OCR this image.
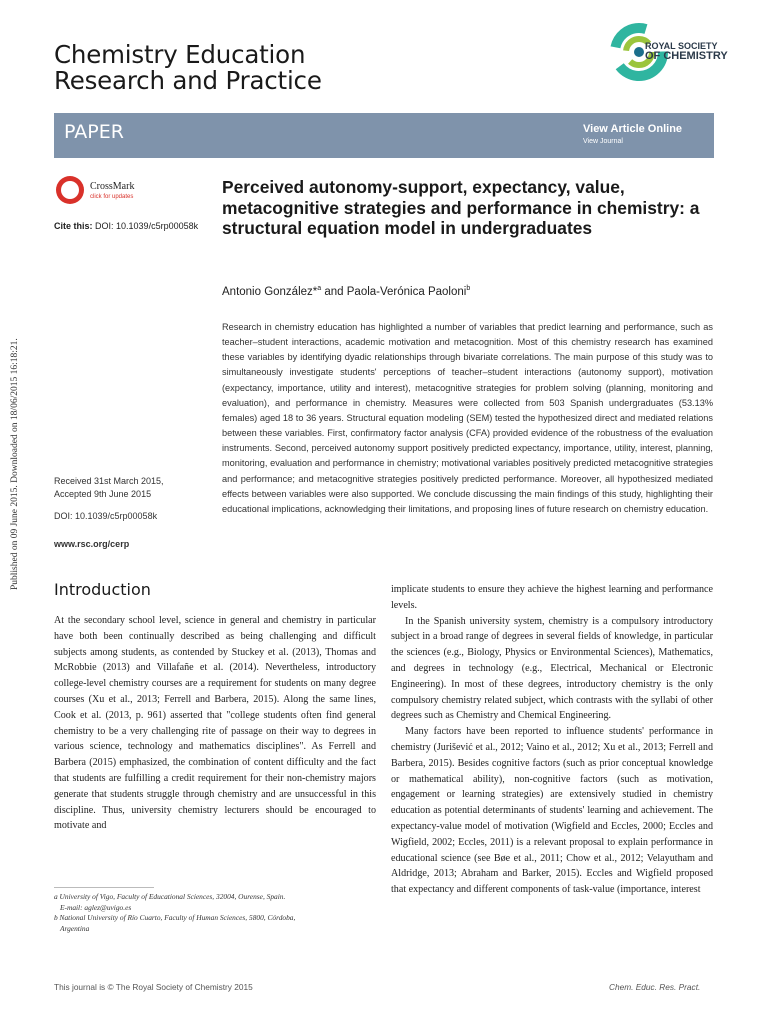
Chemistry Education
Research and Practice
ROYAL SOCIETY
OF CHEMISTRY
PAPER	View Article Online
View Journal
CrossMark
click for updates
Cite this: DOI: 10.1039/c5rp00058k
Perceived autonomy-support, expectancy, value, metacognitive strategies and performance in chemistry: a structural equation model in undergraduates
Antonio González*$^a$ and Paola-Verónica Paoloni$^b$
Research in chemistry education has highlighted a number of variables that predict learning and performance, such as teacher–student interactions, academic motivation and metacognition. Most of this chemistry research has examined these variables by identifying dyadic relationships through bivariate correlations. The main purpose of this study was to simultaneously investigate students' perceptions of teacher–student interactions (autonomy support), motivation (expectancy, importance, utility and interest), metacognitive strategies for problem solving (planning, monitoring and evaluation), and performance in chemistry. Measures were collected from 503 Spanish undergraduates (53.13% females) aged 18 to 36 years. Structural equation modeling (SEM) tested the hypothesized direct and mediated relations between these variables. First, confirmatory factor analysis (CFA) provided evidence of the robustness of the evaluation instruments. Second, perceived autonomy support positively predicted expectancy, importance, utility, interest, planning, monitoring, evaluation and performance in chemistry; motivational variables positively predicted metacognitive strategies and performance; and metacognitive strategies positively predicted performance. Moreover, all hypothesized mediated effects between variables were also supported. We conclude discussing the main findings of this study, highlighting their educational implications, acknowledging their limitations, and proposing lines of future research on chemistry education.
Received 31st March 2015,
Accepted 9th June 2015
DOI: 10.1039/c5rp00058k
www.rsc.org/cerp
Published on 09 June 2015. Downloaded on 18/06/2015 16:18:21. Introduction

At the secondary school level, science in general and chemistry in particular have both been continually described as being challenging and difficult subjects among students, as contended by Stuckey et al. (2013), Thomas and McRobbie (2013) and Villafañe et al. (2014). Nevertheless, introductory college-level chemistry courses are a requirement for students on many degree courses (Xu et al., 2013; Ferrell and Barbera, 2015). Along the same lines, Cook et al. (2013, p. 961) asserted that "college students often find general chemistry to be a very challenging rite of passage on their way to degrees in various science, technology and mathematics disciplines". As Ferrell and Barbera (2015) emphasized, the combination of content difficulty and the fact that students are fulfilling a credit requirement for their non-chemistry majors generate that students struggle through chemistry and are unsuccessful in this discipline. Thus, university chemistry lecturers should be encouraged to motivate and

implicate students to ensure they achieve the highest learning and performance levels.

In the Spanish university system, chemistry is a compulsory introductory subject in a broad range of degrees in several fields of knowledge, in particular the sciences (e.g., Biology, Physics or Environmental Sciences), Mathematics, and degrees in technology (e.g., Electrical, Mechanical or Electronic Engineering). In most of these degrees, introductory chemistry is the only compulsory chemistry related subject, which contrasts with the syllabi of other degrees such as Chemistry and Chemical Engineering.

Many factors have been reported to influence students' performance in chemistry (Jurišević et al., 2012; Vaino et al., 2012; Xu et al., 2013; Ferrell and Barbera, 2015). Besides cognitive factors (such as prior conceptual knowledge or mathematical ability), non-cognitive factors (such as motivation, engagement or learning strategies) are extensively studied in chemistry education as potential determinants of students' learning and achievement. The expectancy-value model of motivation (Wigfield and Eccles, 2000; Eccles and Wigfield, 2002; Eccles, 2011) is a relevant proposal to explain performance in educational science (see Bøe et al., 2011; Chow et al., 2012; Velayutham and Aldridge, 2013; Abraham and Barker, 2015). Eccles and Wigfield proposed that expectancy and different components of task-value (importance, interest

a University of Vigo, Faculty of Educational Sciences, 32004, Ourense, Spain.

E-mail: aglez@uvigo.es

b National University of Río Cuarto, Faculty of Human Sciences, 5800, Córdoba,

Argentina

This journal is © The Royal Society of Chemistry 2015	Chem. Educ. Res. Pract.
